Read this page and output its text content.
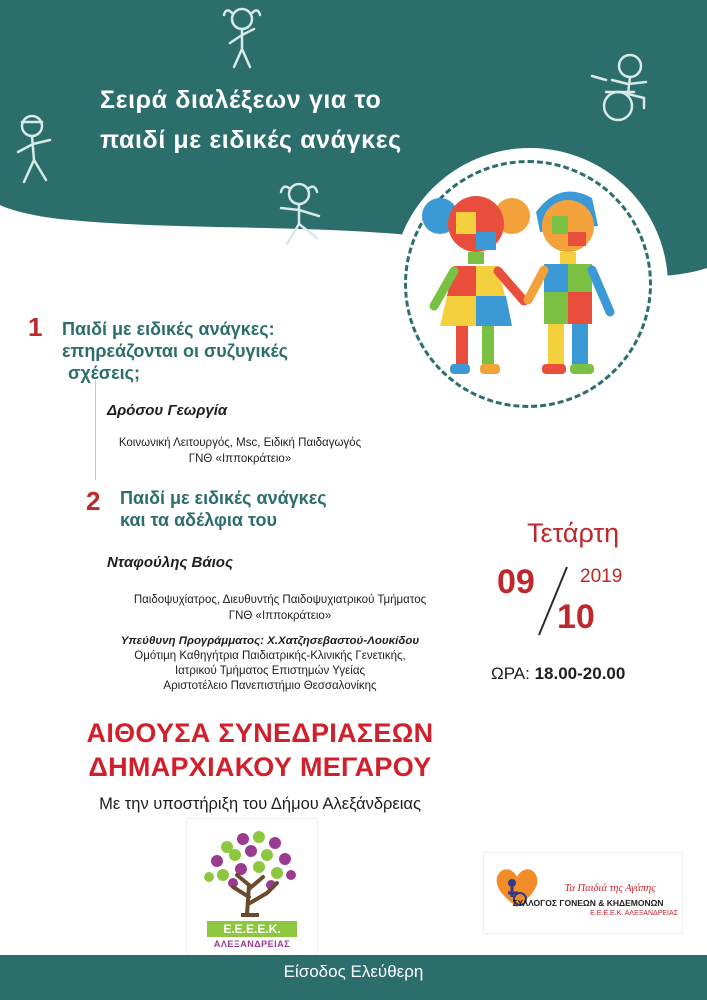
Σειρά διαλέξεων για το
παιδί με ειδικές ανάγκες
1 Παιδί με ειδικές ανάγκες:
επηρεάζονται οι συζυγικές
σχέσεις;
Δρόσου Γεωργία
Κοινωνική Λειτουργός, Msc, Ειδική Παιδαγωγός
ΓΝΘ «Ιπποκράτειο»
2 Παιδί με ειδικές ανάγκες
και τα αδέλφια του
Νταφούλης Βάιος
Παιδοψυχίατρος, Διευθυντής Παιδοψυχιατρικού Τμήματος
ΓΝΘ «Ιπποκράτειο»
Τετάρτη
09
10
2019
ΩΡΑ: 18.00-20.00
Υπεύθυνη Προγράμματος: Χ.Χατζησεβαστού-Λουκίδου
Ομότιμη Καθηγήτρια Παιδιατρικής-Κλινικής Γενετικής,
Ιατρικού Τμήματος Επιστημών Υγείας
Αριστοτέλειο Πανεπιστήμιο Θεσσαλονίκης
ΑΙΘΟΥΣΑ ΣΥΝΕΔΡΙΑΣΕΩΝ
ΔΗΜΑΡΧΙΑΚΟΥ ΜΕΓΑΡΟΥ
Με την υποστήριξη του Δήμου Αλεξάνδρειας
Ε.Ε.Ε.Ε.Κ.
ΑΛΕΞΑΝΔΡΕΙΑΣ
Τα Παιδιά της Αγάπης
ΣΥΛΛΟΓΟΣ ΓΟΝΕΩΝ & ΚΗΔΕΜΟΝΩΝ
Ε.Ε.Ε.Ε.Κ. ΑΛΕΞΑΝΔΡΕΙΑΣ
Είσοδος Ελεύθερη
